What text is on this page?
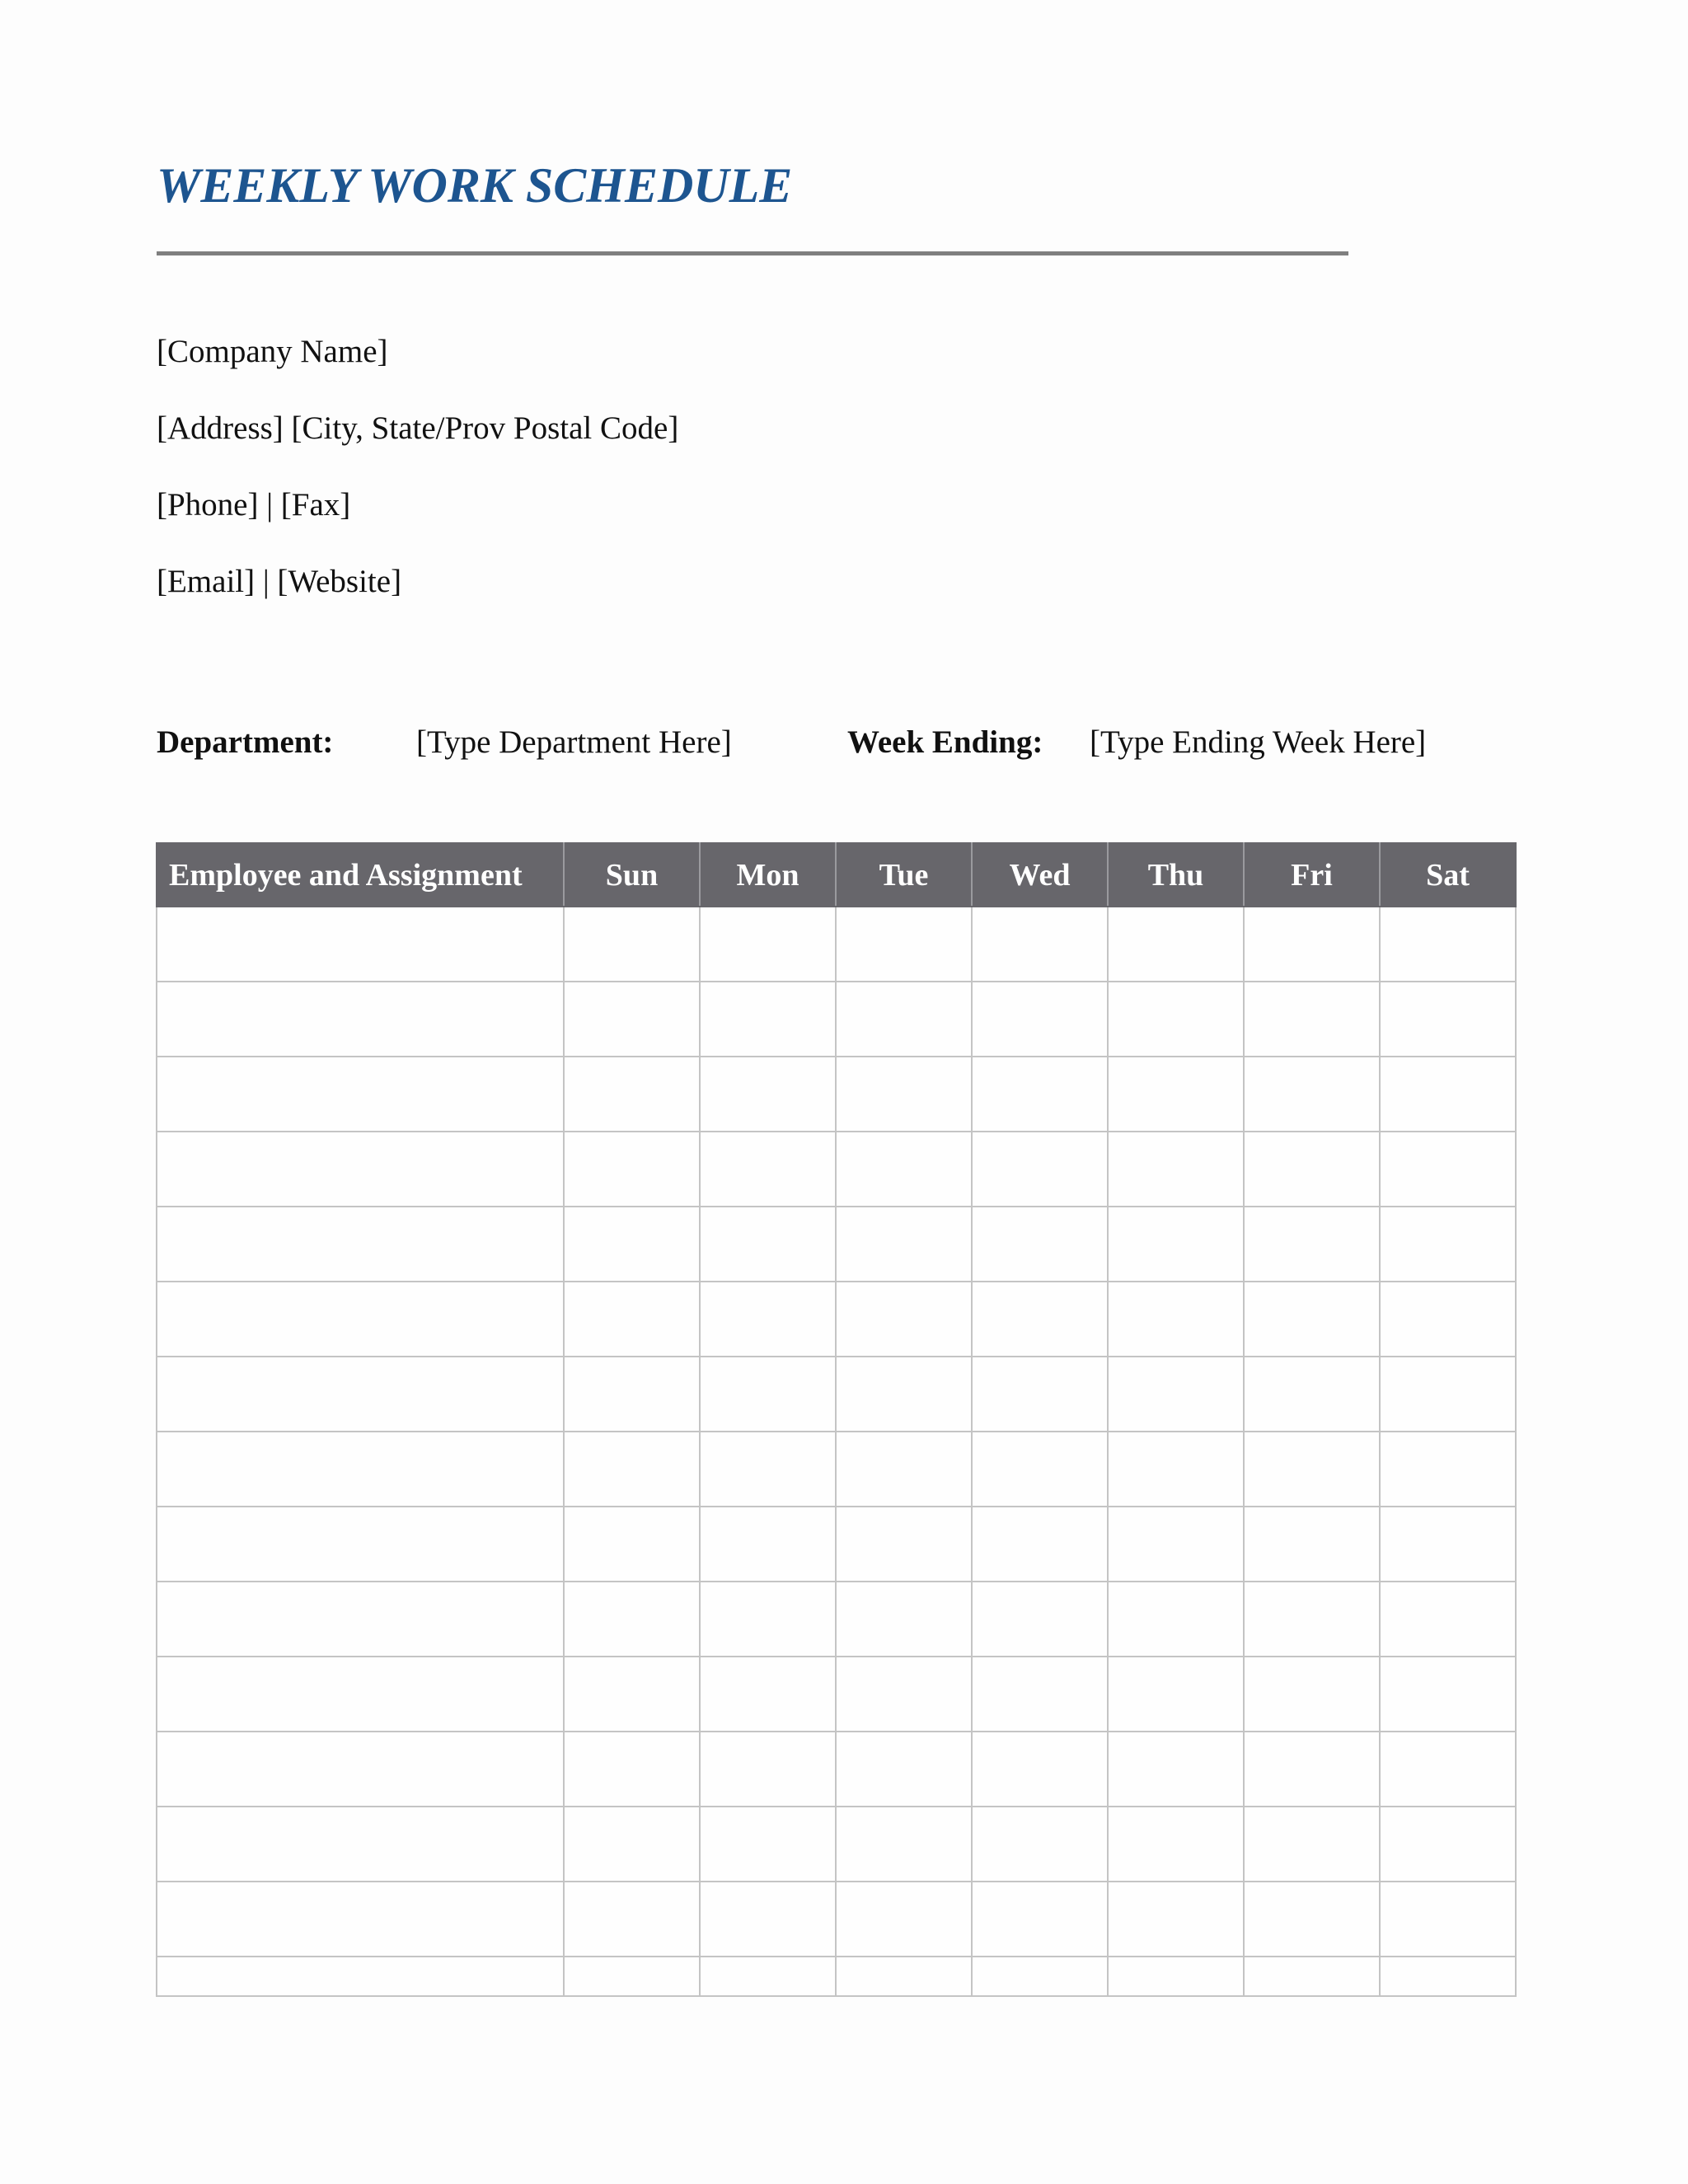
WEEKLY WORK SCHEDULE
[Company Name]
[Address] [City, State/Prov Postal Code]
[Phone] | [Fax]
[Email] | [Website]
Department:	[Type Department Here]	Week Ending: [Type Ending Week Here]
Employee and Assignment	Sun	Mon	Tue	Wed	Thu	Fri	Sat
